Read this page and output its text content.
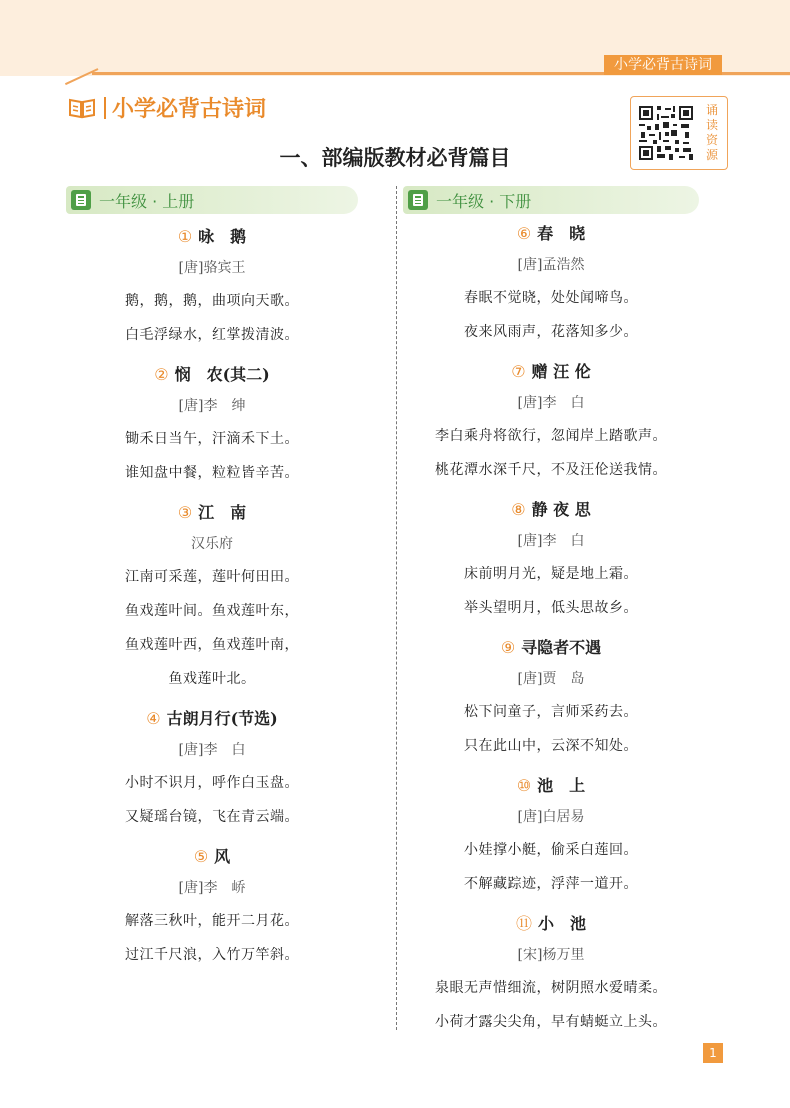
小学必背古诗词
小学必背古诗词	诵读资源
一、部编版教材必背篇目
一年级 · 上册
① 咏　鹅
[唐]骆宾王
鹅，鹅，鹅，曲项向天歌。
白毛浮绿水，红掌拨清波。
② 悯　农(其二)
[唐]李　绅
锄禾日当午，汗滴禾下土。
谁知盘中餐，粒粒皆辛苦。
③ 江　南
汉乐府
江南可采莲，莲叶何田田。
鱼戏莲叶间。鱼戏莲叶东，
鱼戏莲叶西，鱼戏莲叶南，
鱼戏莲叶北。
④ 古朗月行(节选)
[唐]李　白
小时不识月，呼作白玉盘。
又疑瑶台镜，飞在青云端。
⑤ 风
[唐]李　峤
解落三秋叶，能开二月花。
过江千尺浪，入竹万竿斜。
一年级 · 下册
⑥ 春　晓
[唐]孟浩然
春眠不觉晓，处处闻啼鸟。
夜来风雨声，花落知多少。
⑦ 赠 汪 伦
[唐]李　白
李白乘舟将欲行，忽闻岸上踏歌声。
桃花潭水深千尺，不及汪伦送我情。
⑧ 静 夜 思
[唐]李　白
床前明月光，疑是地上霜。
举头望明月，低头思故乡。
⑨ 寻隐者不遇
[唐]贾　岛
松下问童子，言师采药去。
只在此山中，云深不知处。
⑩ 池　上
[唐]白居易
小娃撑小艇，偷采白莲回。
不解藏踪迹，浮萍一道开。
⑪ 小　池
[宋]杨万里
泉眼无声惜细流，树阴照水爱晴柔。
小荷才露尖尖角，早有蜻蜓立上头。
1
